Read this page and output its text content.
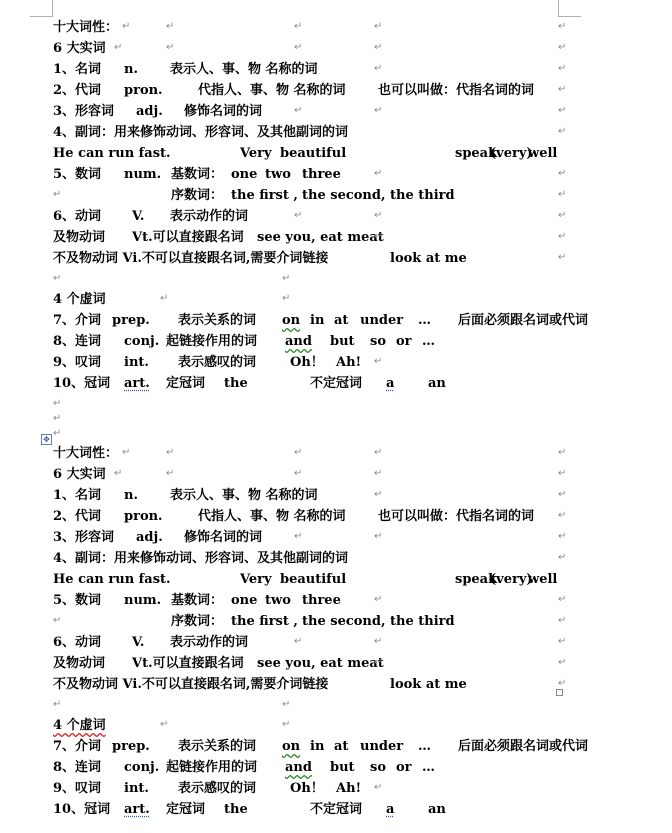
✥
十大词性：
↵
↵
↵
↵
↵
6 大实词
↵
↵
↵
↵
↵
1、名词 n. 表示人、事、物 名称的词
↵
↵
2、代词 pron.	代指人、事、物 名称的词 也可以叫做：代指名词的词
↵
3、形容词 adj. 修饰名词的词
↵
↵
↵
4、副词：用来修饰动词、形容词、及其他副词的词
↵
He can run fast.	Very beautiful	speak
(very)
well
5、数词 num. 基数词： one two three
↵
↵
↵
序数词： the first , the second, the third
↵
6、动词 V. 表示动作的词
↵
↵
↵
及物动词 Vt.可以直接跟名词 see you, eat meat
↵
↵
不及物动词 Vi.不可以直接跟名词,需要介词链接	look at me
↵
↵
↵
4 个虚词
↵
↵
7、介词 prep. 表示关系的词 on in at under … 后面必须跟名词或代词
8、连词 conj. 起链接作用的词 and but so or …
9、叹词 int. 表示感叹的词	Oh！ Ah!
↵
10、冠词 art. 定冠词 the	不定冠词 a	an
↵
↵
↵
十大词性：
↵
↵
↵
↵
↵
6 大实词
↵
↵
↵
↵
↵
1、名词 n. 表示人、事、物 名称的词
↵
↵
2、代词 pron.	代指人、事、物 名称的词 也可以叫做：代指名词的词
↵
3、形容词 adj. 修饰名词的词
↵
↵
↵
4、副词：用来修饰动词、形容词、及其他副词的词
↵
He can run fast.	Very beautiful	speak
(very)
well
5、数词 num. 基数词： one two three
↵
↵
↵
序数词： the first , the second, the third
↵
6、动词 V. 表示动作的词
↵
↵
↵
及物动词 Vt.可以直接跟名词 see you, eat meat
↵
↵
不及物动词 Vi.不可以直接跟名词,需要介词链接	look at me
↵
↵
↵
4 个虚词
↵
↵
7、介词 prep. 表示关系的词 on in at under … 后面必须跟名词或代词
8、连词 conj. 起链接作用的词 and but so or …
9、叹词 int. 表示感叹的词	Oh！ Ah!
↵
10、冠词 art. 定冠词 the	不定冠词 a	an
